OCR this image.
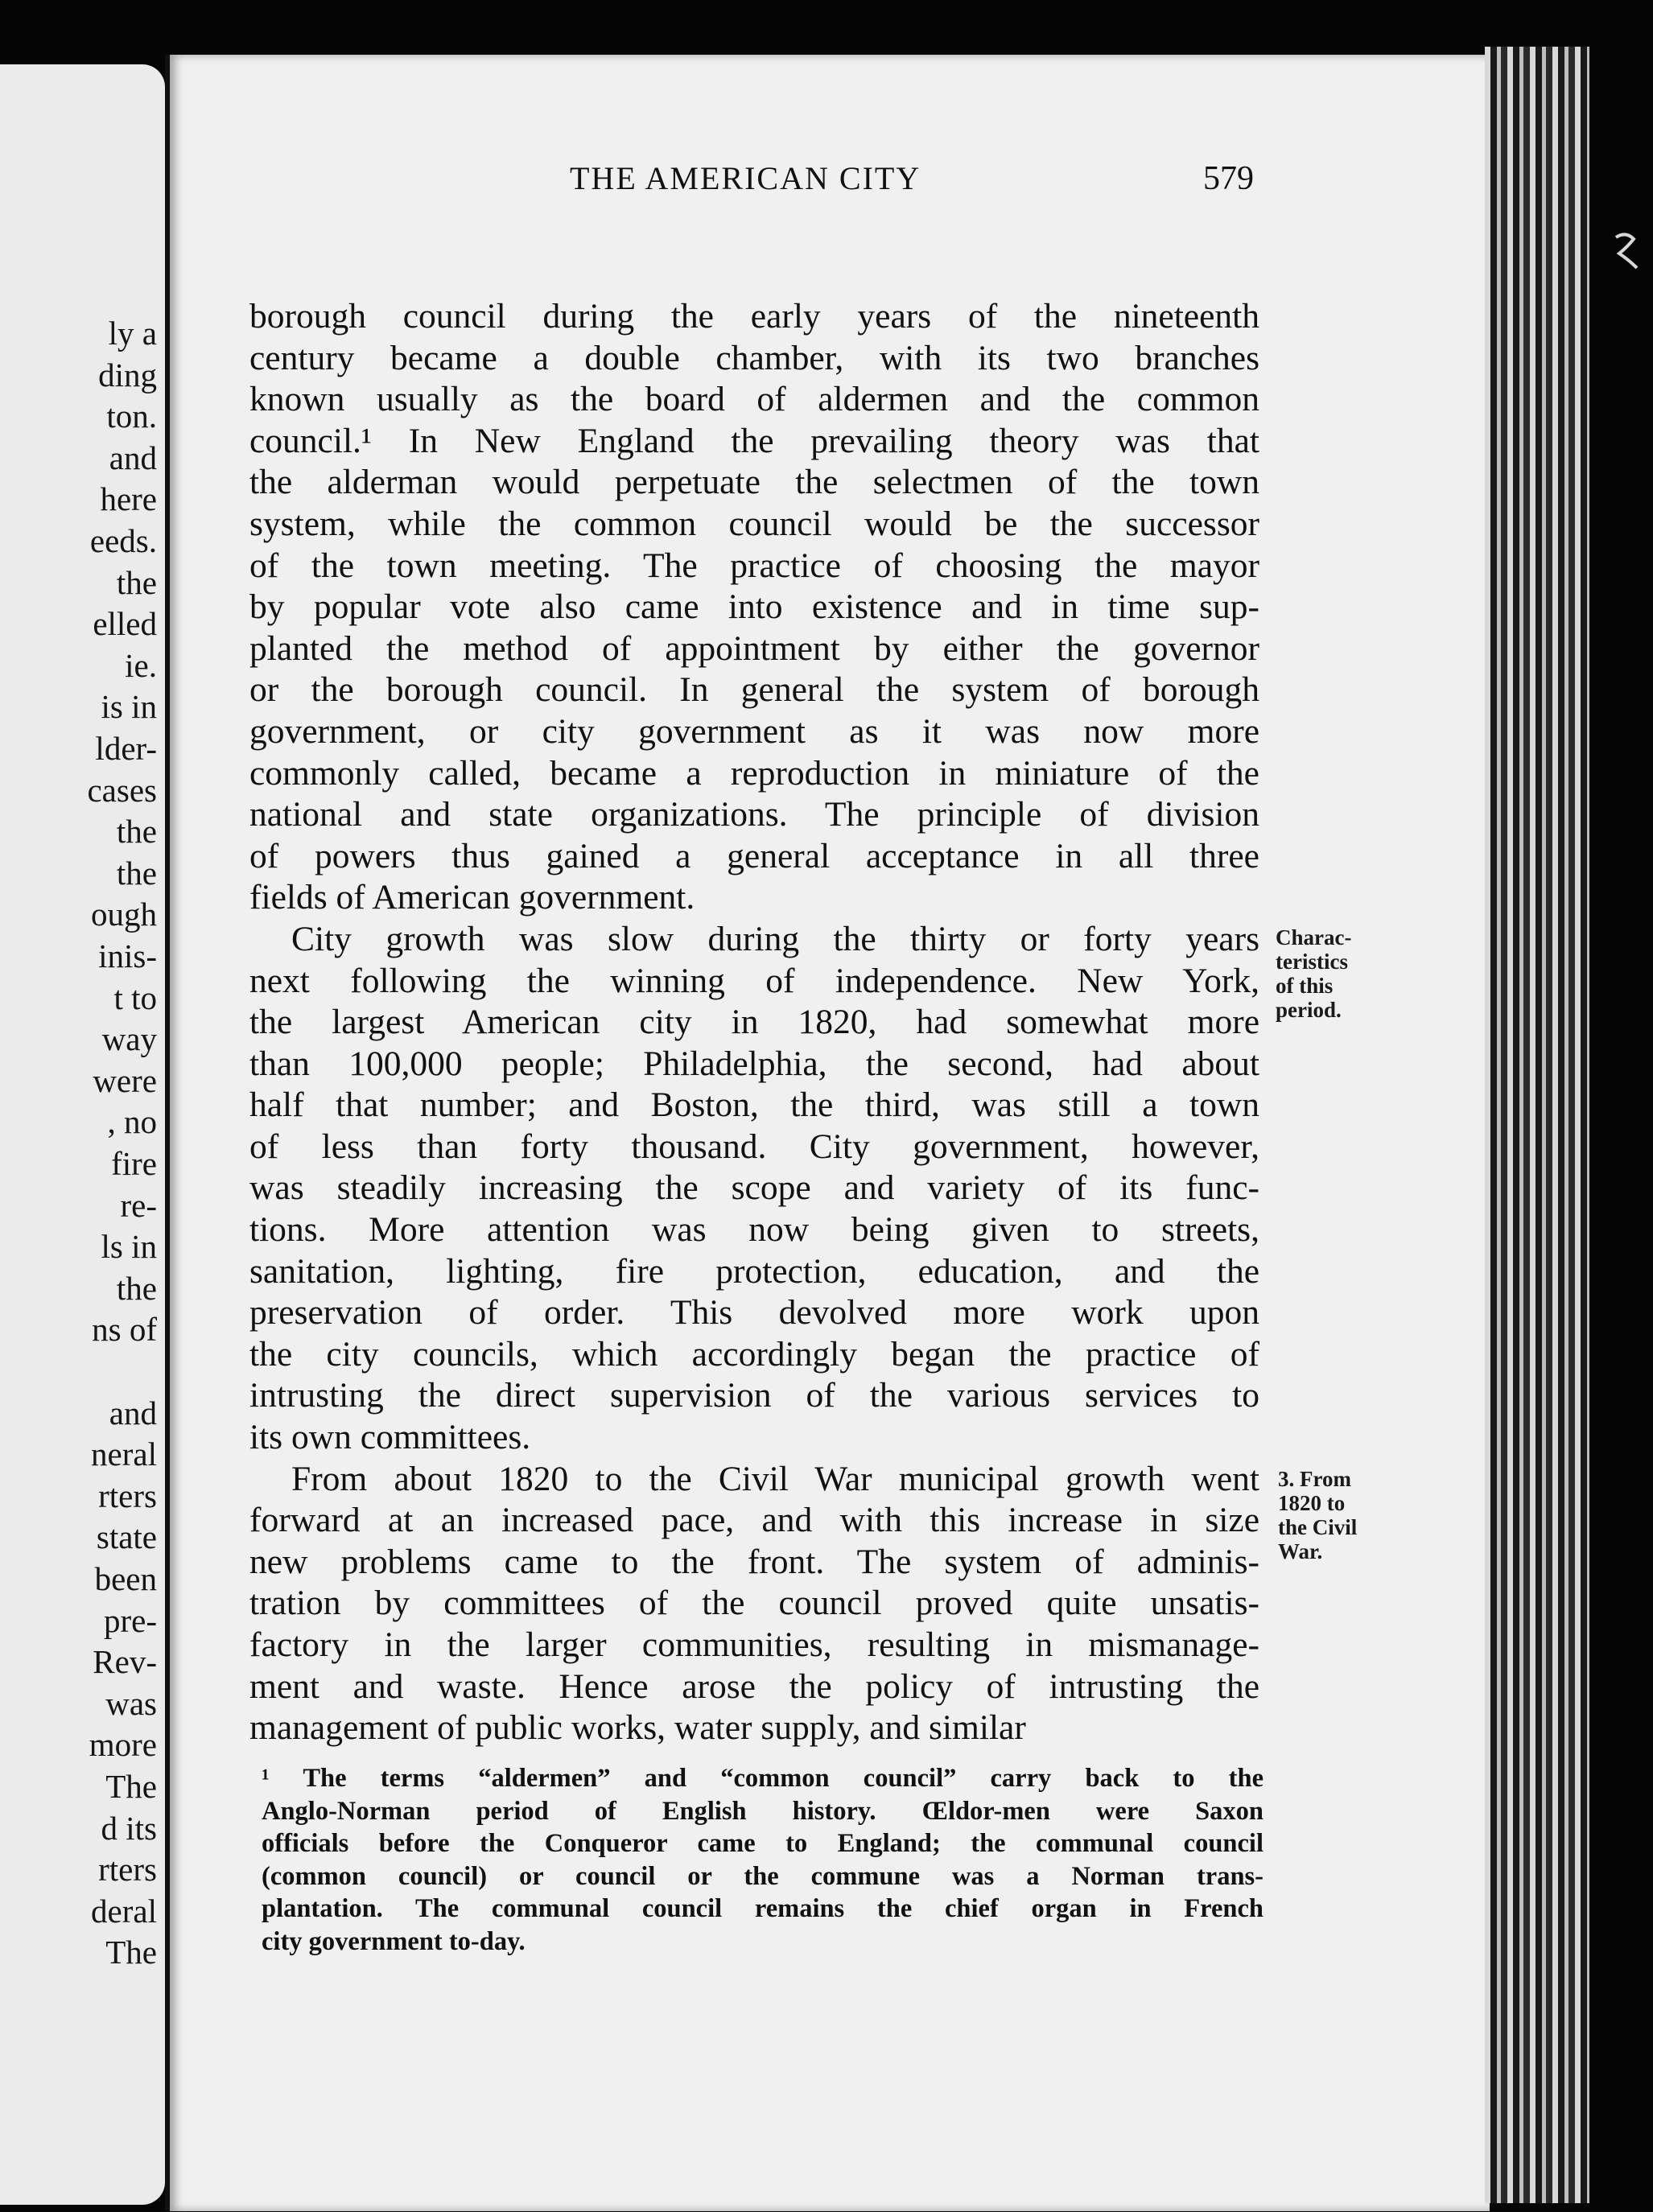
ly a
ding
ton.
and
here
eeds.
the
elled
ie.
is in
lder-
cases
the
the
ough
inis-
t to
way
were
, no
fire
re-
ls in
the
ns of
and
neral
rters
state
been
pre-
Rev-
was
more
The
d its
rters
deral
The
THE AMERICAN CITY	579

borough council during the early years of the nineteenth
century became a double chamber, with its two branches
known usually as the board of aldermen and the common
council.¹ In New England the prevailing theory was that
the alderman would perpetuate the selectmen of the town
system, while the common council would be the successor
of the town meeting. The practice of choosing the mayor
by popular vote also came into existence and in time sup-
planted the method of appointment by either the governor
or the borough council. In general the system of borough
government, or city government as it was now more
commonly called, became a reproduction in miniature of the
national and state organizations. The principle of division
of powers thus gained a general acceptance in all three
fields of American government.

City growth was slow during the thirty or forty years
next following the winning of independence. New York,
the largest American city in 1820, had somewhat more
than 100,000 people; Philadelphia, the second, had about
half that number; and Boston, the third, was still a town
of less than forty thousand. City government, however,
was steadily increasing the scope and variety of its func-
tions. More attention was now being given to streets,
sanitation, lighting, fire protection, education, and the
preservation of order. This devolved more work upon
the city councils, which accordingly began the practice of
intrusting the direct supervision of the various services to
its own committees.

From about 1820 to the Civil War municipal growth went
forward at an increased pace, and with this increase in size
new problems came to the front. The system of adminis-
tration by committees of the council proved quite unsatis-
factory in the larger communities, resulting in mismanage-
ment and waste. Hence arose the policy of intrusting the
management of public works, water supply, and similar

Charac-
teristics
of this
period.
3. From
1820 to
the Civil
War.
¹ The terms “aldermen” and “common council” carry back to the
Anglo-Norman period of English history. Œldor-men were Saxon
officials before the Conqueror came to England; the communal council
(common council) or council or the commune was a Norman trans-
plantation. The communal council remains the chief organ in French
city government to-day.
